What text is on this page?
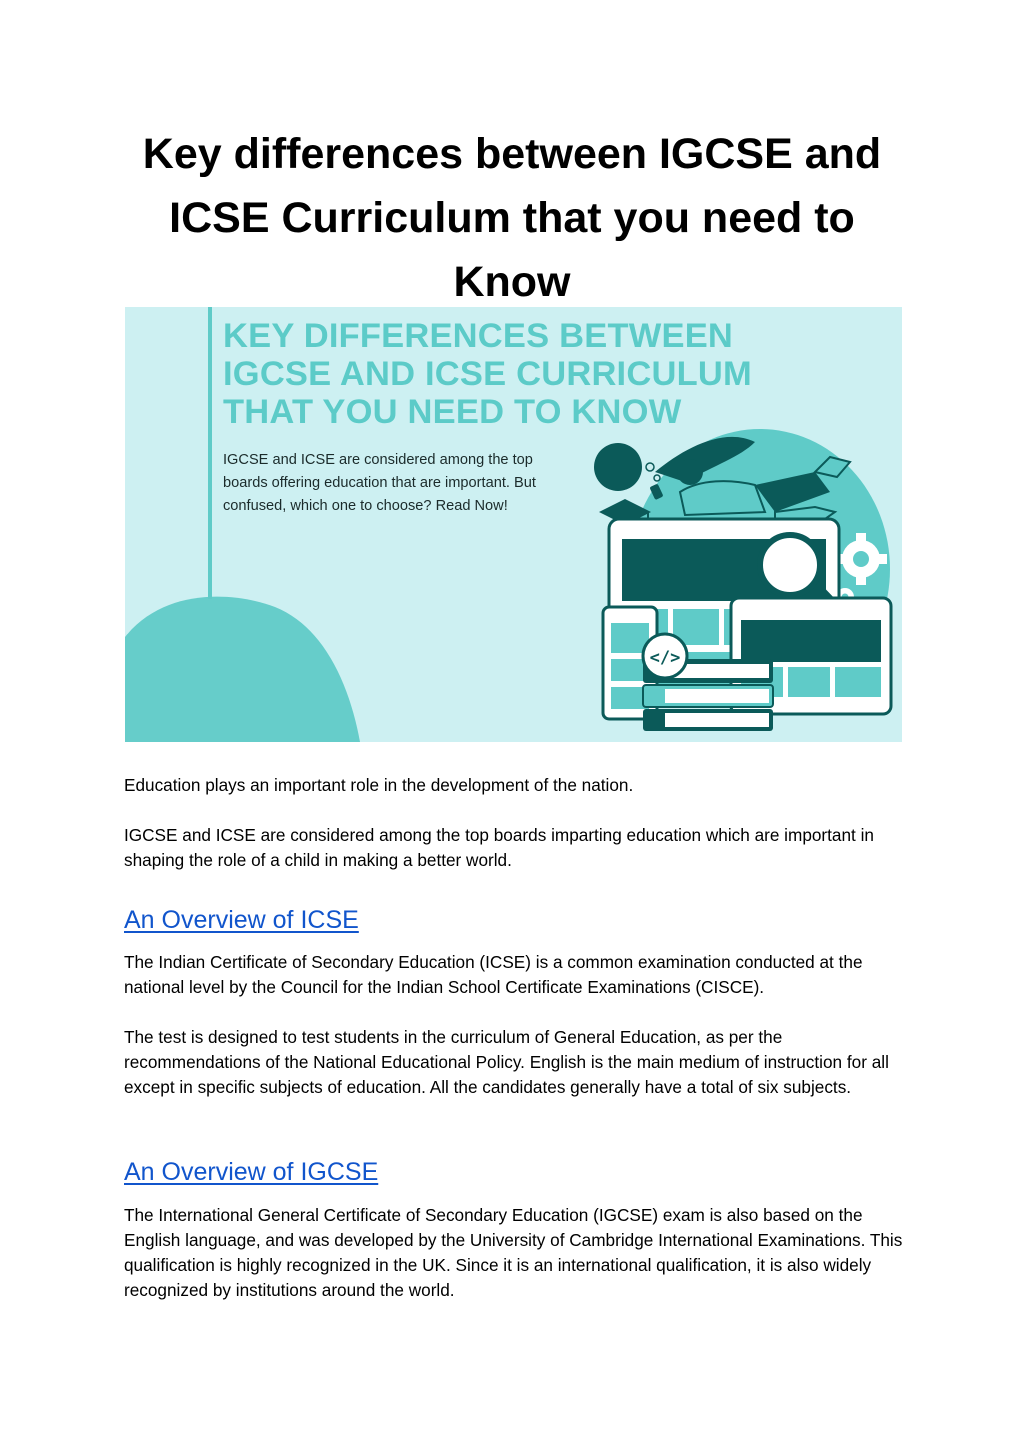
Key differences between IGCSE and ICSE Curriculum that you need to Know
</>
KEY DIFFERENCES BETWEEN
IGCSE AND ICSE CURRICULUM
THAT YOU NEED TO KNOW

IGCSE and ICSE are considered among the top boards offering education that are important. But confused, which one to choose? Read Now!

Education plays an important role in the development of the nation.

IGCSE and ICSE are considered among the top boards imparting education which are important in shaping the role of a child in making a better world.

An Overview of ICSE

The Indian Certificate of Secondary Education (ICSE) is a common examination conducted at the national level by the Council for the Indian School Certificate Examinations (CISCE).

The test is designed to test students in the curriculum of General Education, as per the recommendations of the National Educational Policy. English is the main medium of instruction for all except in specific subjects of education. All the candidates generally have a total of six subjects.

An Overview of IGCSE

The International General Certificate of Secondary Education (IGCSE) exam is also based on the English language, and was developed by the University of Cambridge International Examinations. This qualification is highly recognized in the UK. Since it is an international qualification, it is also widely recognized by institutions around the world.
